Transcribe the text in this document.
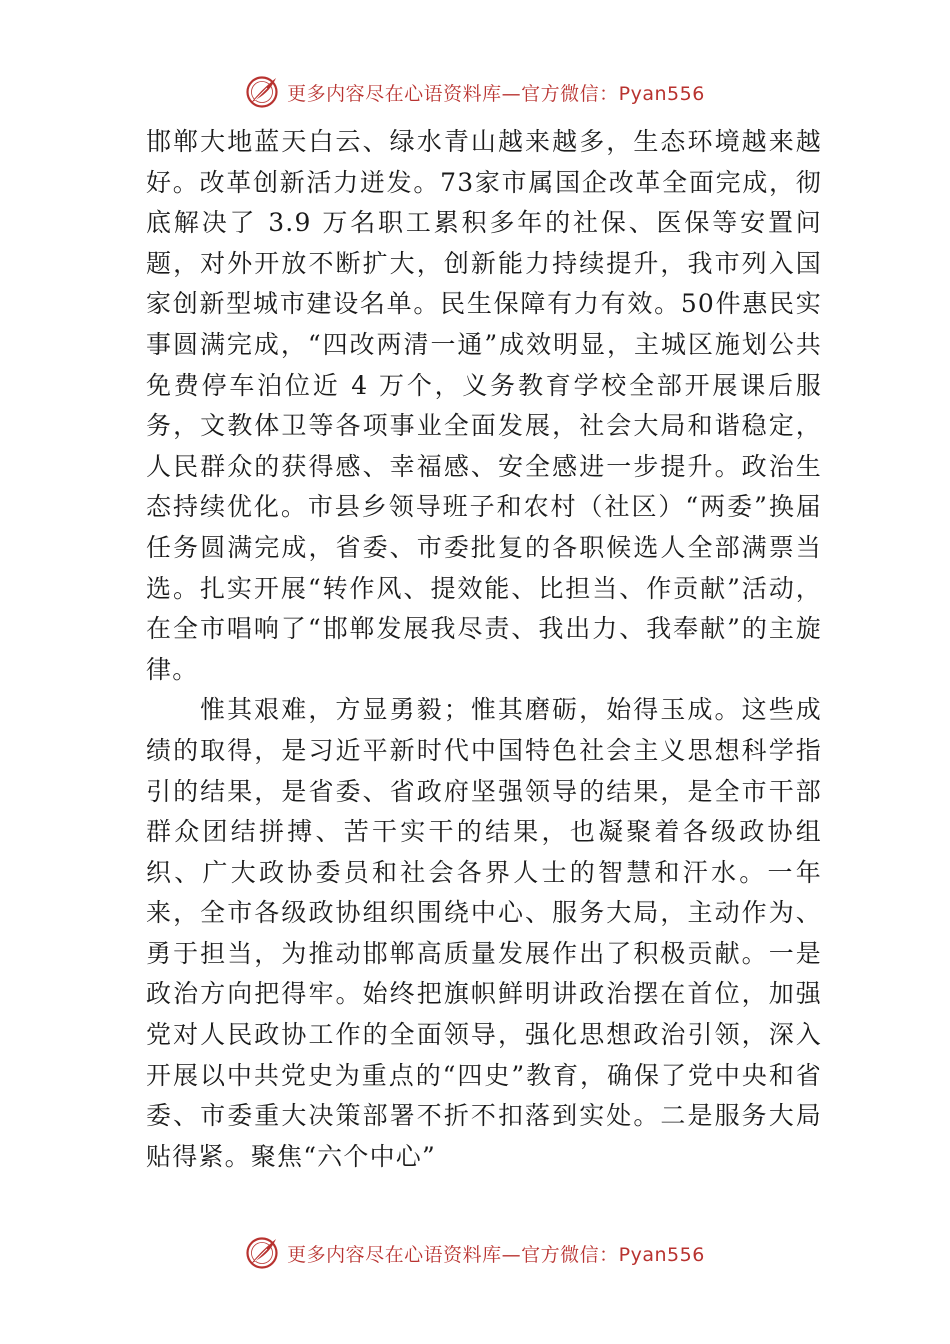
更多内容尽在心语资料库—官方微信：Pyan556

邯郸大地蓝天白云、绿水青山越来越多，生态环境越来越好。改革创新活力迸发。73家市属国企改革全面完成，彻底解决了 3.9 万名职工累积多年的社保、医保等安置问题，对外开放不断扩大，创新能力持续提升，我市列入国家创新型城市建设名单。民生保障有力有效。50件惠民实事圆满完成，“四改两清一通”成效明显，主城区施划公共免费停车泊位近 4 万个，义务教育学校全部开展课后服务，文教体卫等各项事业全面发展，社会大局和谐稳定，人民群众的获得感、幸福感、安全感进一步提升。政治生态持续优化。市县乡领导班子和农村（社区）“两委”换届任务圆满完成，省委、市委批复的各职候选人全部满票当选。扎实开展“转作风、提效能、比担当、作贡献”活动，在全市唱响了“邯郸发展我尽责、我出力、我奉献”的主旋律。

惟其艰难，方显勇毅；惟其磨砺，始得玉成。这些成绩的取得，是习近平新时代中国特色社会主义思想科学指引的结果，是省委、省政府坚强领导的结果，是全市干部群众团结拼搏、苦干实干的结果，也凝聚着各级政协组织、广大政协委员和社会各界人士的智慧和汗水。一年来，全市各级政协组织围绕中心、服务大局，主动作为、勇于担当，为推动邯郸高质量发展作出了积极贡献。一是政治方向把得牢。始终把旗帜鲜明讲政治摆在首位，加强党对人民政协工作的全面领导，强化思想政治引领，深入开展以中共党史为重点的“四史”教育，确保了党中央和省委、市委重大决策部署不折不扣落到实处。二是服务大局贴得紧。聚焦“六个中心”

更多内容尽在心语资料库—官方微信：Pyan556
